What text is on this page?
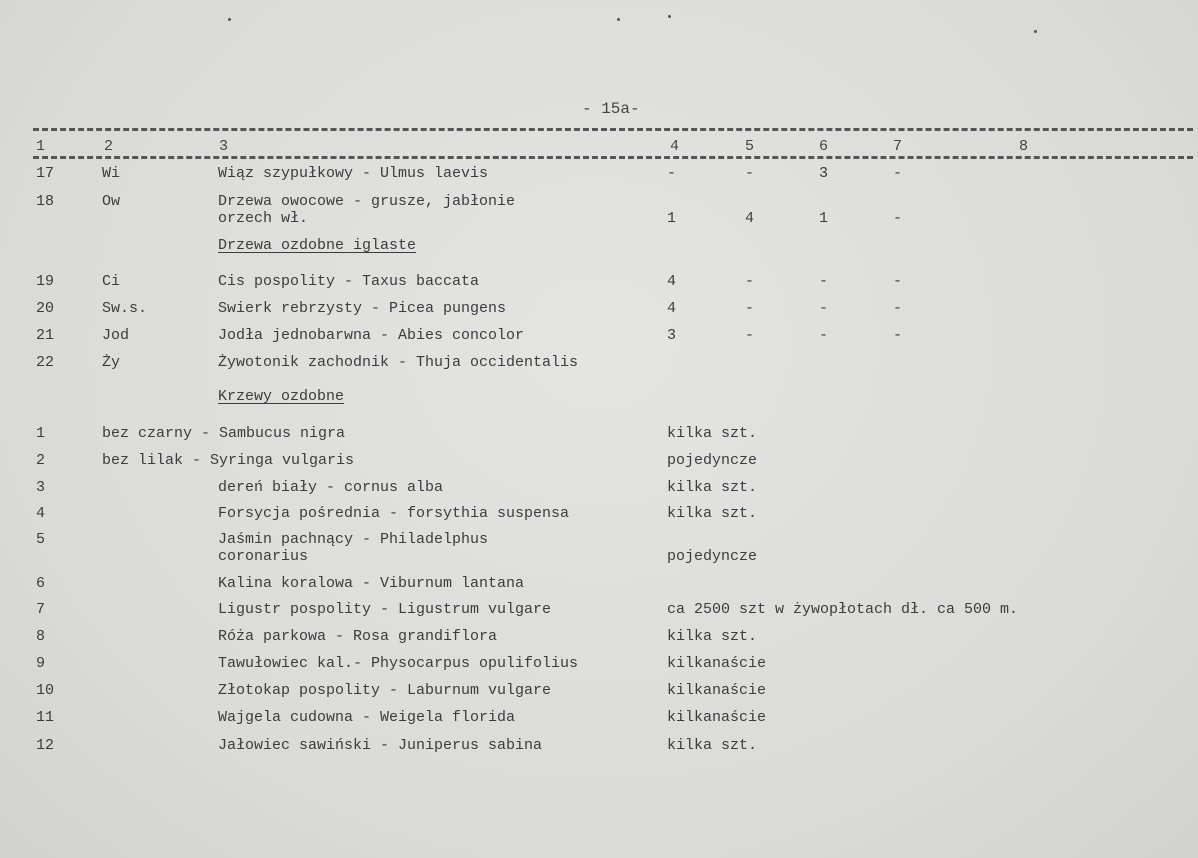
- 15a-
1	2	3	4	5	6	7	8
17	Wi	Wiąz szypułkowy - Ulmus laevis	-	-	3	-
18	Ow	Drzewa owocowe - grusze, jabłonie
orzech wł.	1	4	1	-
Drzewa ozdobne iglaste
19	Ci	Cis pospolity - Taxus baccata	4	-	-	-
20	Sw.s.	Swierk rebrzysty - Picea pungens	4	-	-	-
21	Jod	Jodła jednobarwna - Abies concolor	3	-	-	-
22	Ży	Żywotonik zachodnik - Thuja occidentalis
Krzewy ozdobne
1	bez czarny - Sambucus nigra	kilka szt.
2	bez lilak - Syringa vulgaris	pojedyncze
3	dereń biały - cornus alba	kilka szt.
4	Forsycja pośrednia - forsythia suspensa	kilka szt.
5	Jaśmin pachnący - Philadelphus
coronarius	pojedyncze
6	Kalina koralowa - Viburnum lantana
7	Ligustr pospolity - Ligustrum vulgare	ca 2500 szt w żywopłotach dł. ca 500 m.
8	Róża parkowa - Rosa grandiflora	kilka szt.
9	Tawułowiec kal.- Physocarpus opulifolius	kilkanaście
10	Złotokap pospolity - Laburnum vulgare	kilkanaście
11	Wajgela cudowna - Weigela florida	kilkanaście
12	Jałowiec sawiński - Juniperus sabina	kilka szt.
